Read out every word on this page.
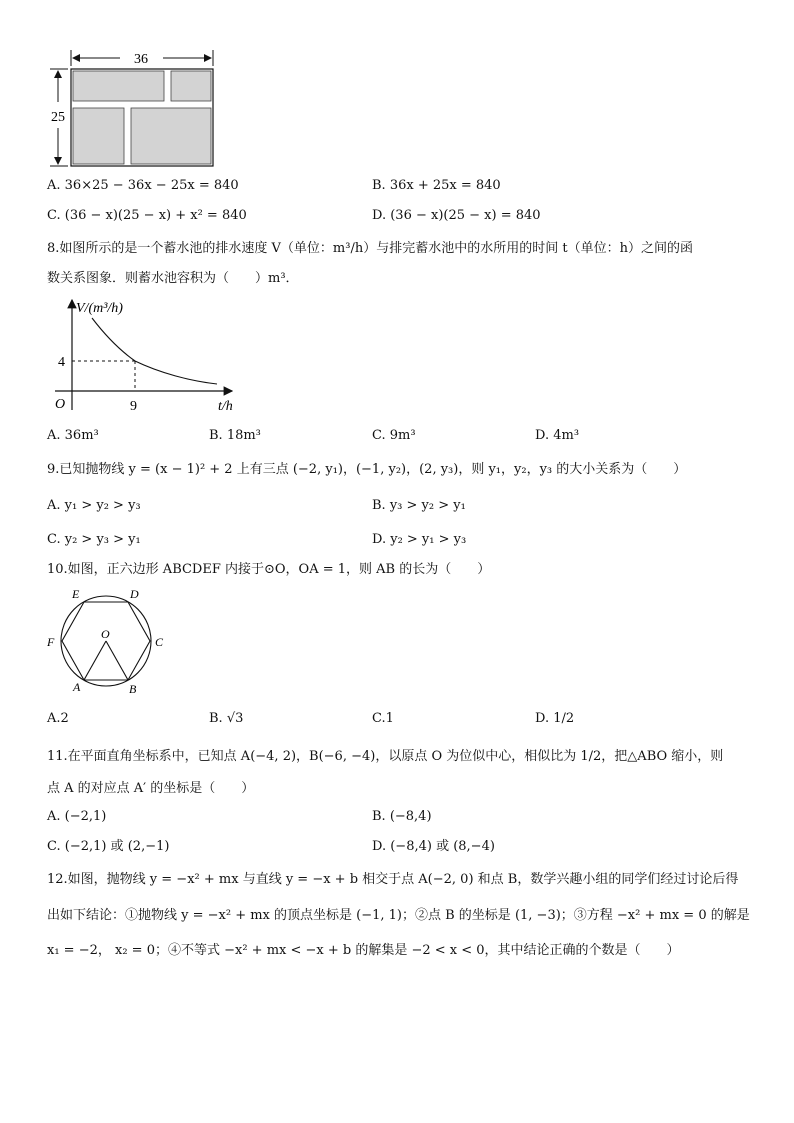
36
25
A. 36×25 − 36x − 25x = 840	B. 36x + 25x = 840
C. (36 − x)(25 − x) + x² = 840	D. (36 − x)(25 − x) = 840
8.如图所示的是一个蓄水池的排水速度 V（单位：m³/h）与排完蓄水池中的水所用的时间 t（单位：h）之间的函
数关系图象．则蓄水池容积为（　　）m³．
V/(m³/h)
t/h
O
4
9
A. 36m³	B. 18m³	C. 9m³	D. 4m³
9.已知抛物线 y = (x − 1)² + 2 上有三点 (−2, y₁)，(−1, y₂)，(2, y₃)，则 y₁，y₂，y₃ 的大小关系为（　　）
A. y₁ > y₂ > y₃	B. y₃ > y₂ > y₁
C. y₂ > y₃ > y₁	D. y₂ > y₁ > y₃
10.如图，正六边形 ABCDEF 内接于⊙O，OA = 1，则 AB 的长为（　　）
O
A	B
C
D
E
F
A.2	B. √3	C.1	D. 1/2
11.在平面直角坐标系中，已知点 A(−4, 2)，B(−6, −4)，以原点 O 为位似中心，相似比为 1/2，把△ABO 缩小，则
点 A 的对应点 A′ 的坐标是（　　）
A. (−2,1)	B. (−8,4)
C. (−2,1) 或 (2,−1)	D. (−8,4) 或 (8,−4)
12.如图，抛物线 y = −x² + mx 与直线 y = −x + b 相交于点 A(−2, 0) 和点 B，数学兴趣小组的同学们经过讨论后得
出如下结论：①抛物线 y = −x² + mx 的顶点坐标是 (−1, 1)；②点 B 的坐标是 (1, −3)；③方程 −x² + mx = 0 的解是
x₁ = −2， x₂ = 0；④不等式 −x² + mx < −x + b 的解集是 −2 < x < 0，其中结论正确的个数是（　　）
